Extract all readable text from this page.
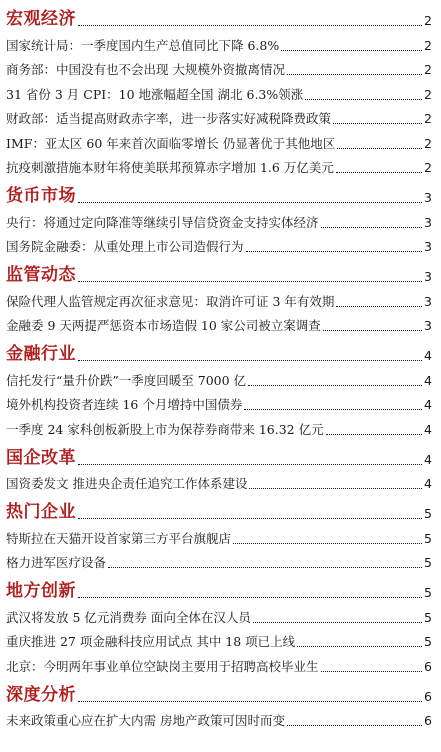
宏观经济	2
国家统计局：一季度国内生产总值同比下降 6.8%	2
商务部：中国没有也不会出现 大规模外资撤离情况	2
31 省份 3 月 CPI：10 地涨幅超全国 湖北 6.3%领涨	2
财政部：适当提高财政赤字率，进一步落实好减税降费政策	2
IMF：亚太区 60 年来首次面临零增长 仍显著优于其他地区	2
抗疫刺激措施本财年将使美联邦预算赤字增加 1.6 万亿美元	2
货币市场	3
央行：将通过定向降准等继续引导信贷资金支持实体经济	3
国务院金融委：从重处理上市公司造假行为	3
监管动态	3
保险代理人监管规定再次征求意见：取消许可证 3 年有效期	3
金融委 9 天两提严惩资本市场造假 10 家公司被立案调查	3
金融行业	4
信托发行“量升价跌”一季度回暖至 7000 亿	4
境外机构投资者连续 16 个月增持中国债券	4
一季度 24 家科创板新股上市为保荐券商带来 16.32 亿元	4
国企改革	4
国资委发文 推进央企责任追究工作体系建设	4
热门企业	5
特斯拉在天猫开设首家第三方平台旗舰店	5
格力进军医疗设备	5
地方创新	5
武汉将发放 5 亿元消费券 面向全体在汉人员	5
重庆推进 27 项金融科技应用试点 其中 18 项已上线	5
北京：今明两年事业单位空缺岗主要用于招聘高校毕业生	6
深度分析	6
未来政策重心应在扩大内需 房地产政策可因时而变	6
